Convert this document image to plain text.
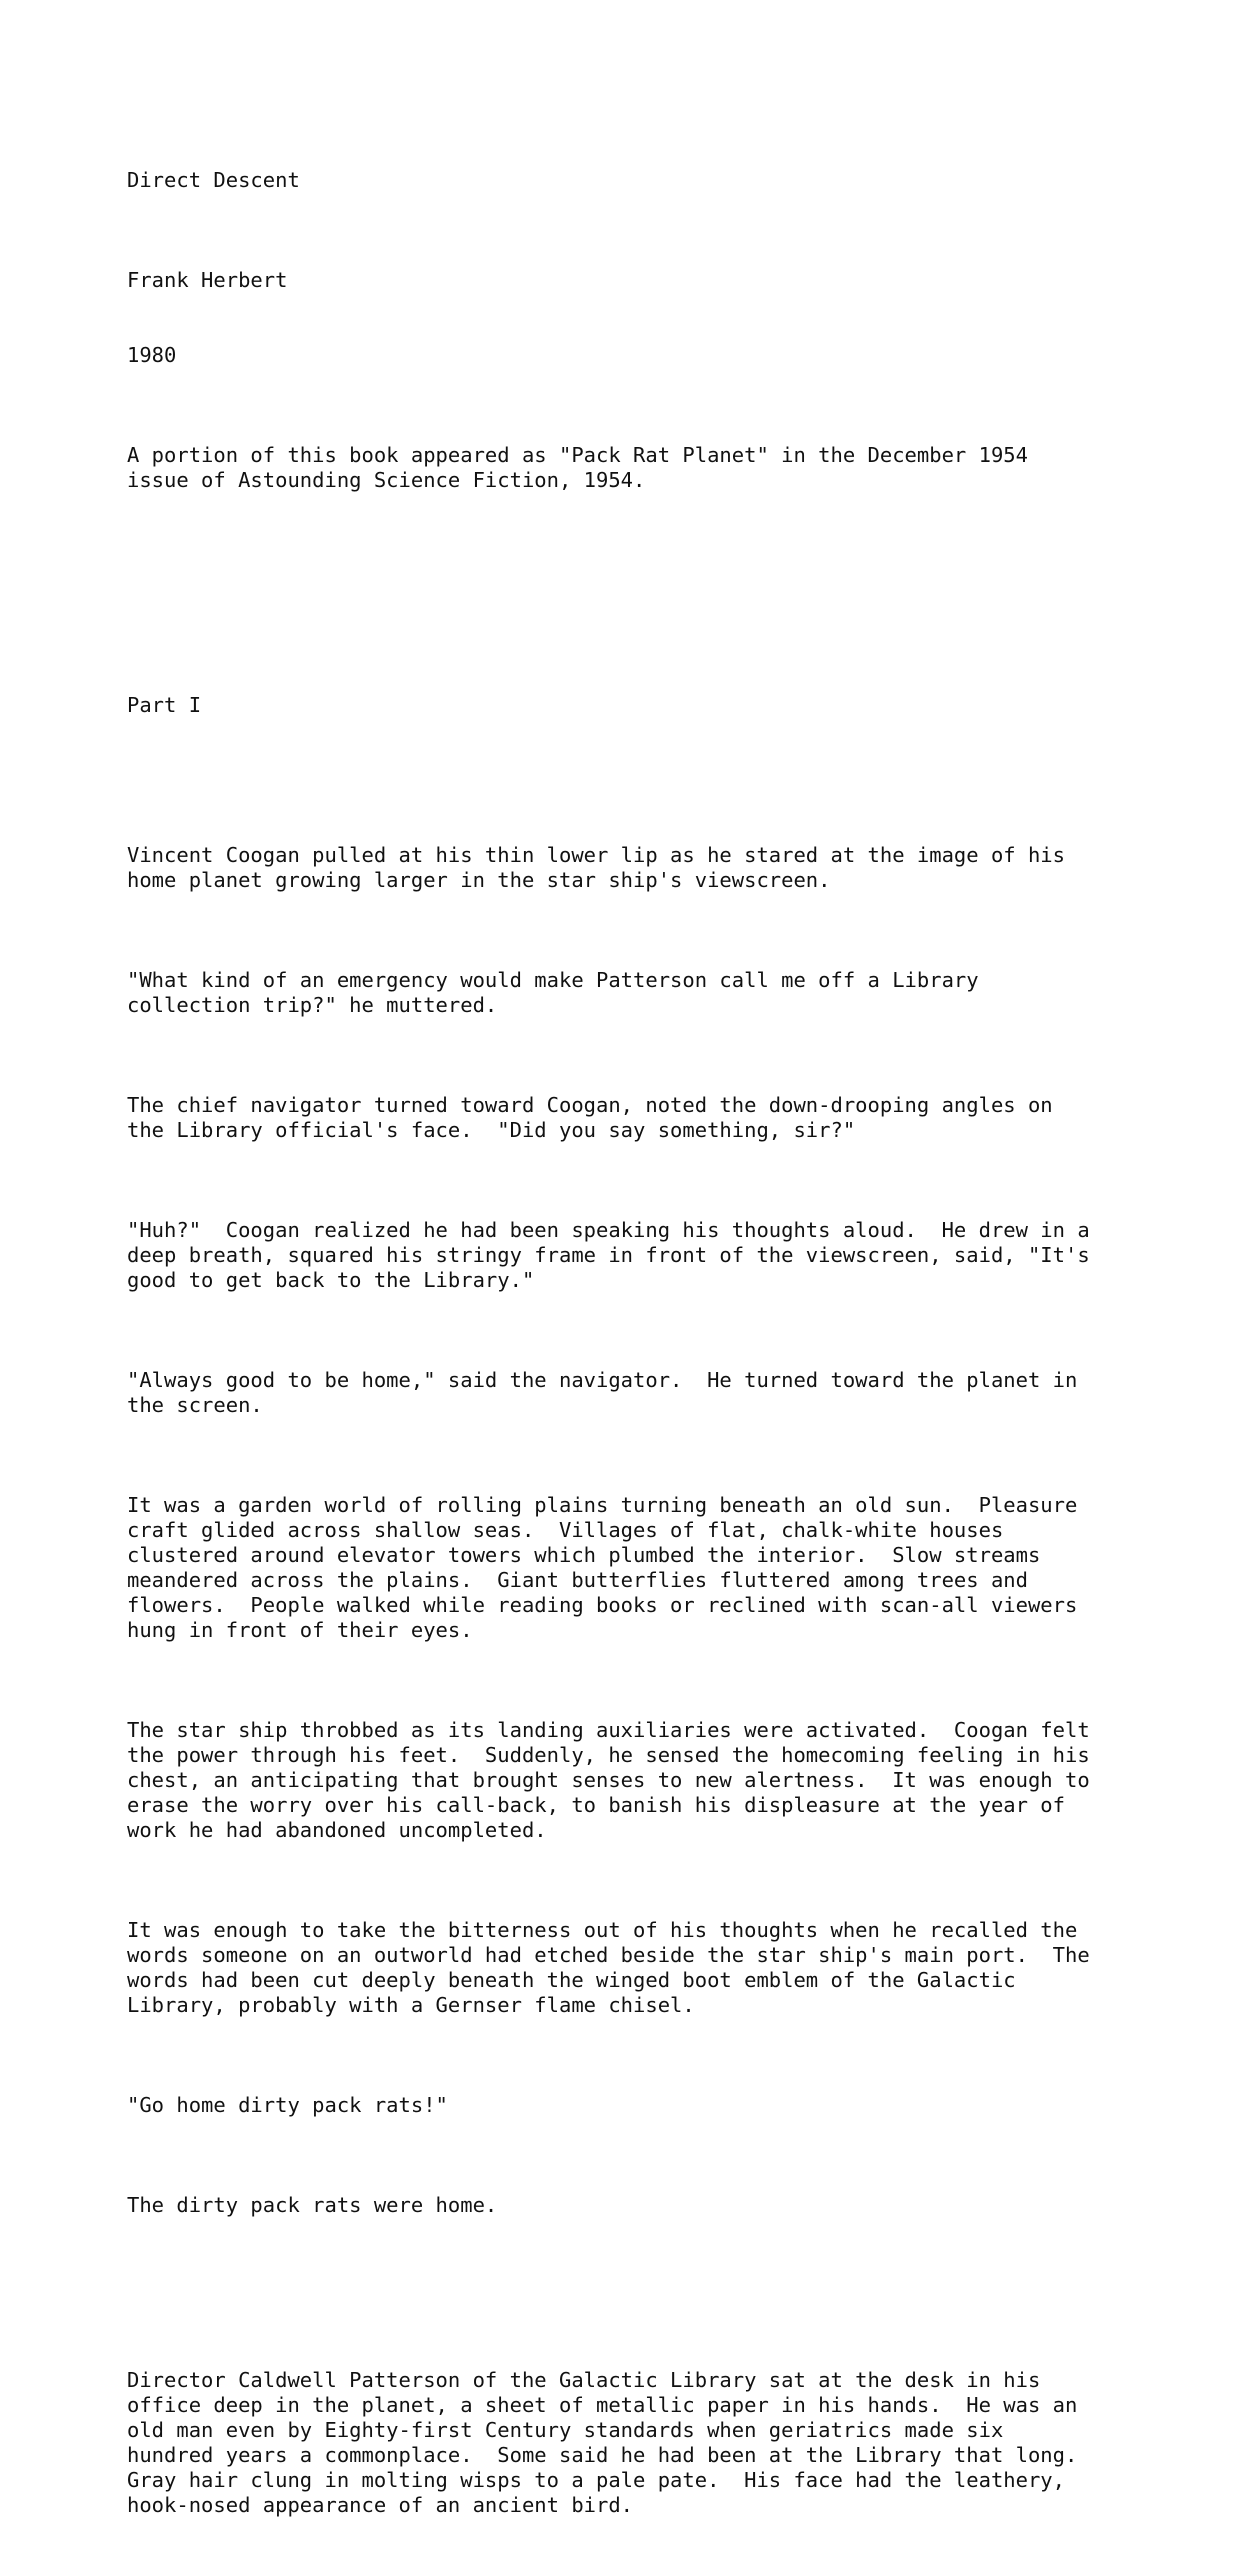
Direct Descent

Frank Herbert

1980

A portion of this book appeared as "Pack Rat Planet" in the December 1954
issue of Astounding Science Fiction, 1954.

Part I

Vincent Coogan pulled at his thin lower lip as he stared at the image of his
home planet growing larger in the star ship's viewscreen.

"What kind of an emergency would make Patterson call me off a Library
collection trip?" he muttered.

The chief navigator turned toward Coogan, noted the down-drooping angles on
the Library official's face.  "Did you say something, sir?"

"Huh?"  Coogan realized he had been speaking his thoughts aloud.  He drew in a
deep breath, squared his stringy frame in front of the viewscreen, said, "It's
good to get back to the Library."

"Always good to be home," said the navigator.  He turned toward the planet in
the screen.

It was a garden world of rolling plains turning beneath an old sun.  Pleasure
craft glided across shallow seas.  Villages of flat, chalk-white houses
clustered around elevator towers which plumbed the interior.  Slow streams
meandered across the plains.  Giant butterflies fluttered among trees and
flowers.  People walked while reading books or reclined with scan-all viewers
hung in front of their eyes.

The star ship throbbed as its landing auxiliaries were activated.  Coogan felt
the power through his feet.  Suddenly, he sensed the homecoming feeling in his
chest, an anticipating that brought senses to new alertness.  It was enough to
erase the worry over his call-back, to banish his displeasure at the year of
work he had abandoned uncompleted.

It was enough to take the bitterness out of his thoughts when he recalled the
words someone on an outworld had etched beside the star ship's main port.  The
words had been cut deeply beneath the winged boot emblem of the Galactic
Library, probably with a Gernser flame chisel.

"Go home dirty pack rats!"

The dirty pack rats were home.

Director Caldwell Patterson of the Galactic Library sat at the desk in his
office deep in the planet, a sheet of metallic paper in his hands.  He was an
old man even by Eighty-first Century standards when geriatrics made six
hundred years a commonplace.  Some said he had been at the Library that long.
Gray hair clung in molting wisps to a pale pate.  His face had the leathery,
hook-nosed appearance of an ancient bird.
